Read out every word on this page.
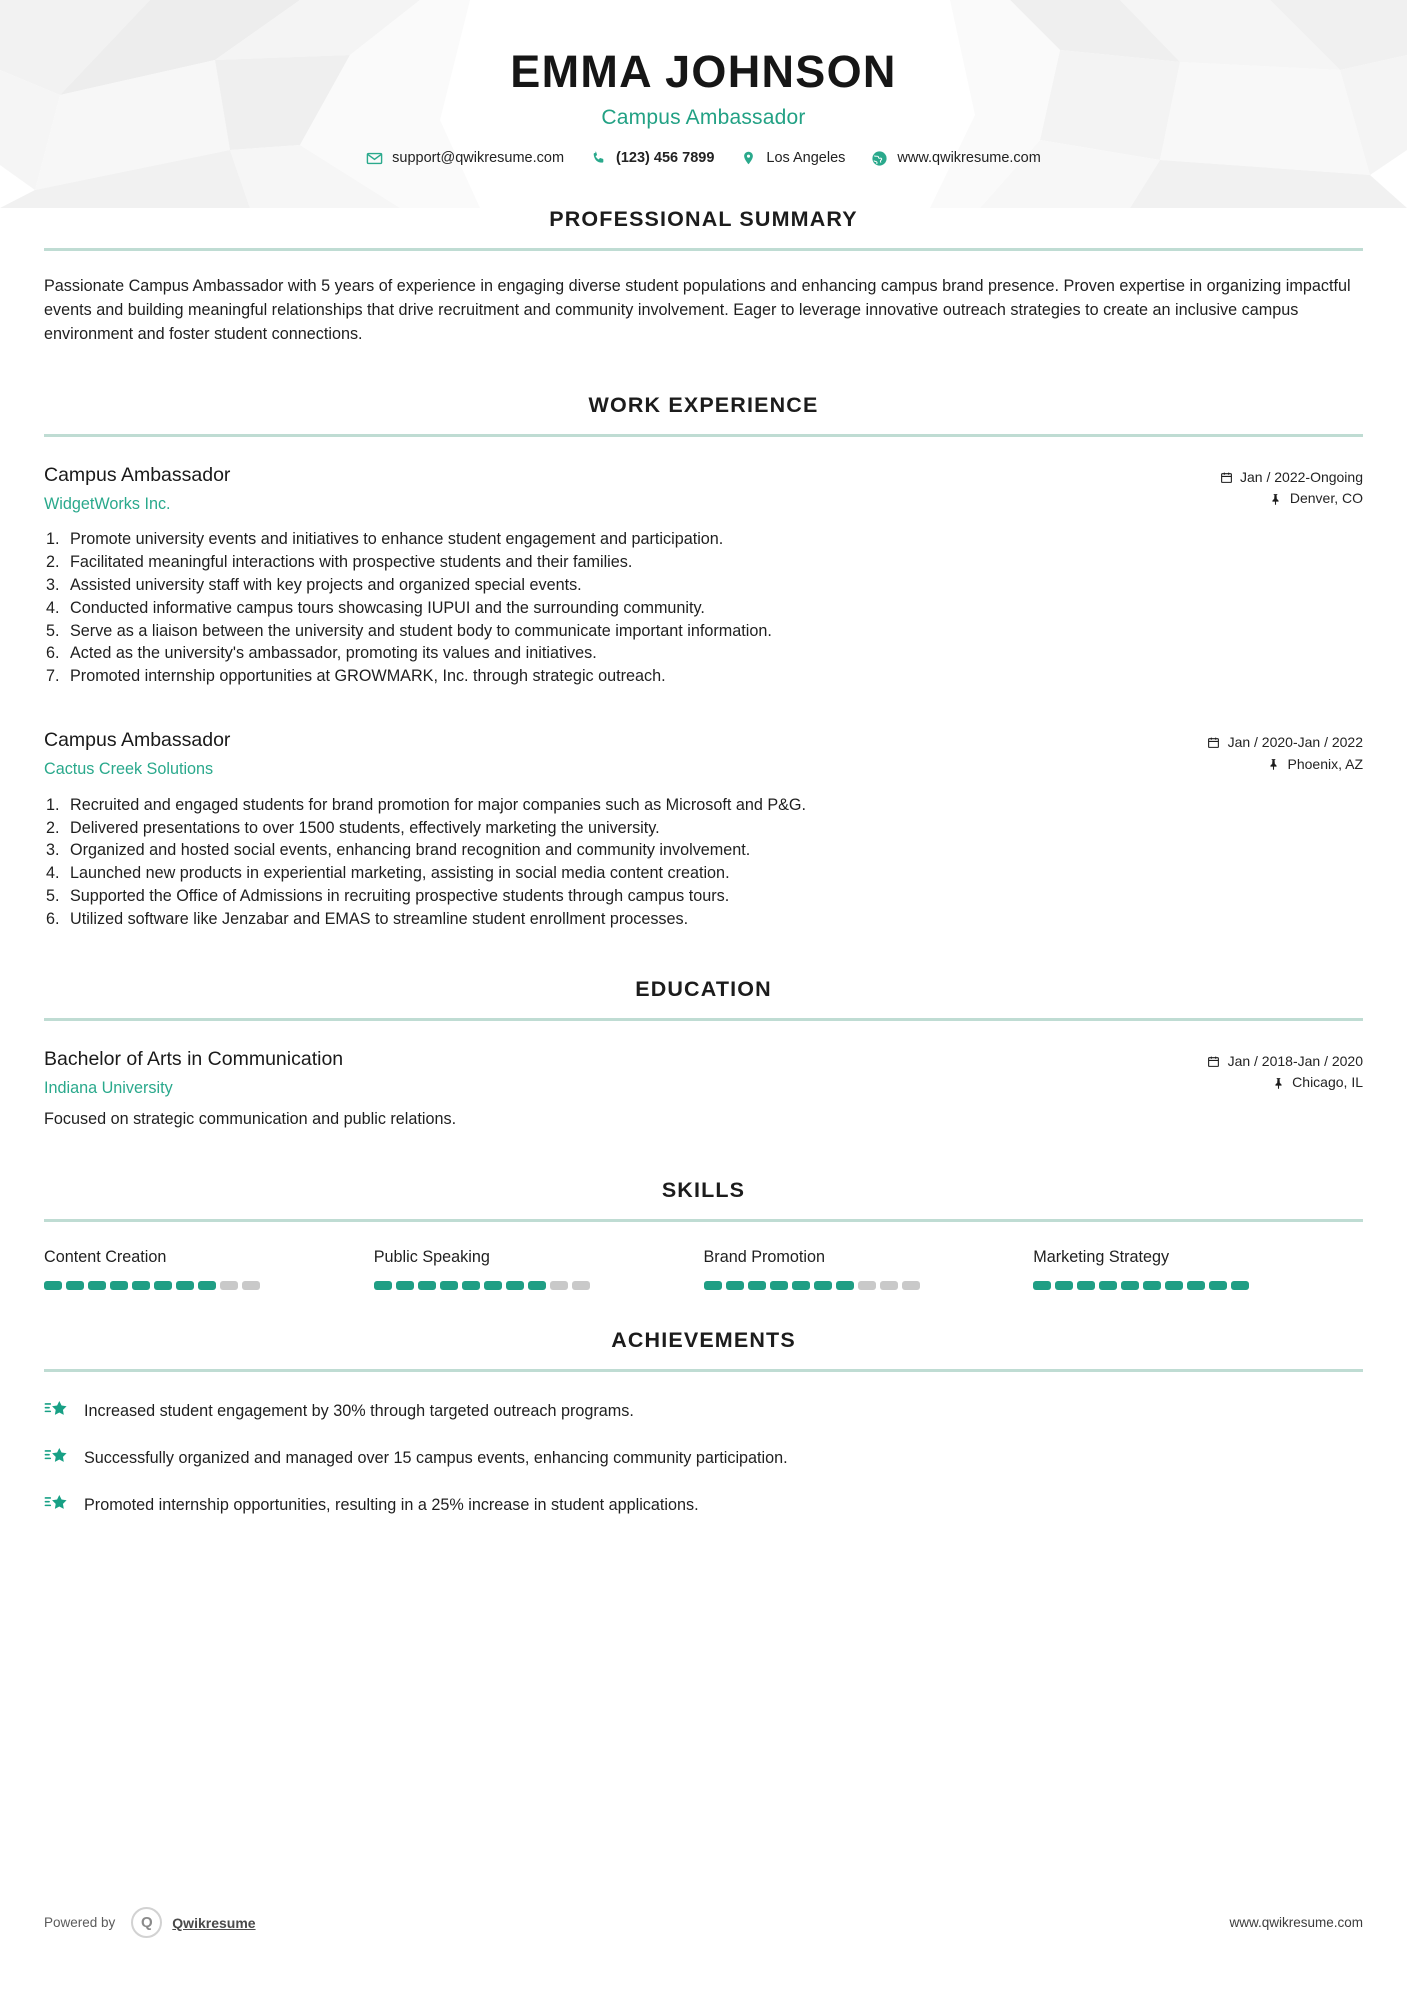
EMMA JOHNSON
Campus Ambassador
support@qwikresume.com	(123) 456 7899	Los Angeles	www.qwikresume.com
PROFESSIONAL SUMMARY
Passionate Campus Ambassador with 5 years of experience in engaging diverse student populations and enhancing campus brand presence. Proven expertise in organizing impactful events and building meaningful relationships that drive recruitment and community involvement. Eager to leverage innovative outreach strategies to create an inclusive campus environment and foster student connections.
WORK EXPERIENCE
Campus Ambassador
WidgetWorks Inc.
Jan / 2022-Ongoing
Denver, CO
1. Promote university events and initiatives to enhance student engagement and participation.
2. Facilitated meaningful interactions with prospective students and their families.
3. Assisted university staff with key projects and organized special events.
4. Conducted informative campus tours showcasing IUPUI and the surrounding community.
5. Serve as a liaison between the university and student body to communicate important information.
6. Acted as the university's ambassador, promoting its values and initiatives.
7. Promoted internship opportunities at GROWMARK, Inc. through strategic outreach.
Campus Ambassador
Cactus Creek Solutions
Jan / 2020-Jan / 2022
Phoenix, AZ
1. Recruited and engaged students for brand promotion for major companies such as Microsoft and P&G.
2. Delivered presentations to over 1500 students, effectively marketing the university.
3. Organized and hosted social events, enhancing brand recognition and community involvement.
4. Launched new products in experiential marketing, assisting in social media content creation.
5. Supported the Office of Admissions in recruiting prospective students through campus tours.
6. Utilized software like Jenzabar and EMAS to streamline student enrollment processes.
EDUCATION
Bachelor of Arts in Communication
Indiana University
Jan / 2018-Jan / 2020
Chicago, IL
Focused on strategic communication and public relations.
SKILLS
Content Creation	Public Speaking	Brand Promotion	Marketing Strategy
ACHIEVEMENTS
Increased student engagement by 30% through targeted outreach programs.
Successfully organized and managed over 15 campus events, enhancing community participation.
Promoted internship opportunities, resulting in a 25% increase in student applications.
Powered by	Q	Qwikresume	www.qwikresume.com
